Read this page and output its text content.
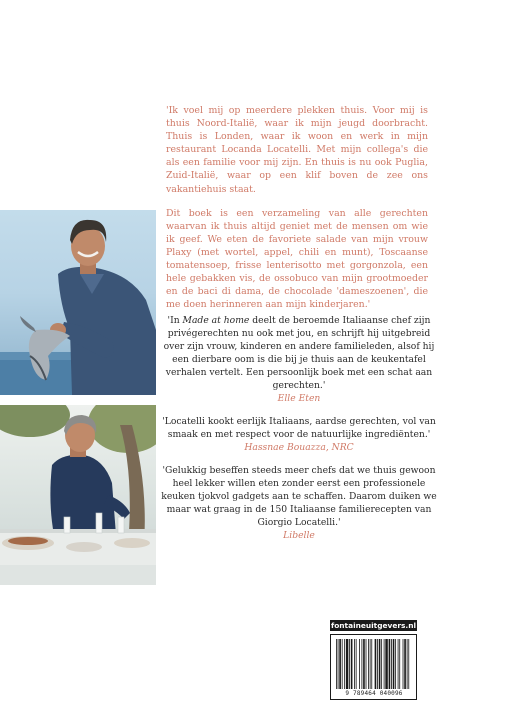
'Ik voel mij op meerdere plekken thuis. Voor mij is thuis Noord-Italië, waar ik mijn jeugd doorbracht. Thuis is Londen, waar ik woon en werk in mijn restaurant Locanda Locatelli. Met mijn collega's die als een familie voor mij zijn. En thuis is nu ook Puglia, Zuid-Italië, waar op een klif boven de zee ons vakantiehuis staat.

Dit boek is een verzameling van alle gerechten waarvan ik thuis altijd geniet met de mensen om wie ik geef. We eten de favoriete salade van mijn vrouw Plaxy (met wortel, appel, chili en munt), Toscaanse tomatensoep, frisse lenterisotto met gorgonzola, een hele gebakken vis, de ossobuco van mijn grootmoeder en de baci di dama, de chocolade 'dameszoenen', die me doen herinneren aan mijn kinderjaren.'

'In Made at home deelt de beroemde Italiaanse chef zijn privégerechten nu ook met jou, en schrijft hij uitgebreid over zijn vrouw, kinderen en andere familieleden, alsof hij een dierbare oom is die bij je thuis aan de keukentafel verhalen vertelt. Een persoonlijk boek met een schat aan gerechten.'
Elle Eten
'Locatelli kookt eerlijk Italiaans, aardse gerechten, vol van smaak en met respect voor de natuurlijke ingrediënten.'
Hassnae Bouazza, NRC
'Gelukkig beseffen steeds meer chefs dat we thuis gewoon heel lekker willen eten zonder eerst een professionele keuken tjokvol gadgets aan te schaffen. Daarom duiken we maar wat graag in de 150 Italiaanse familierecepten van Giorgio Locatelli.'
Libelle
fontaineuitgevers.nl
9 789464 040096
